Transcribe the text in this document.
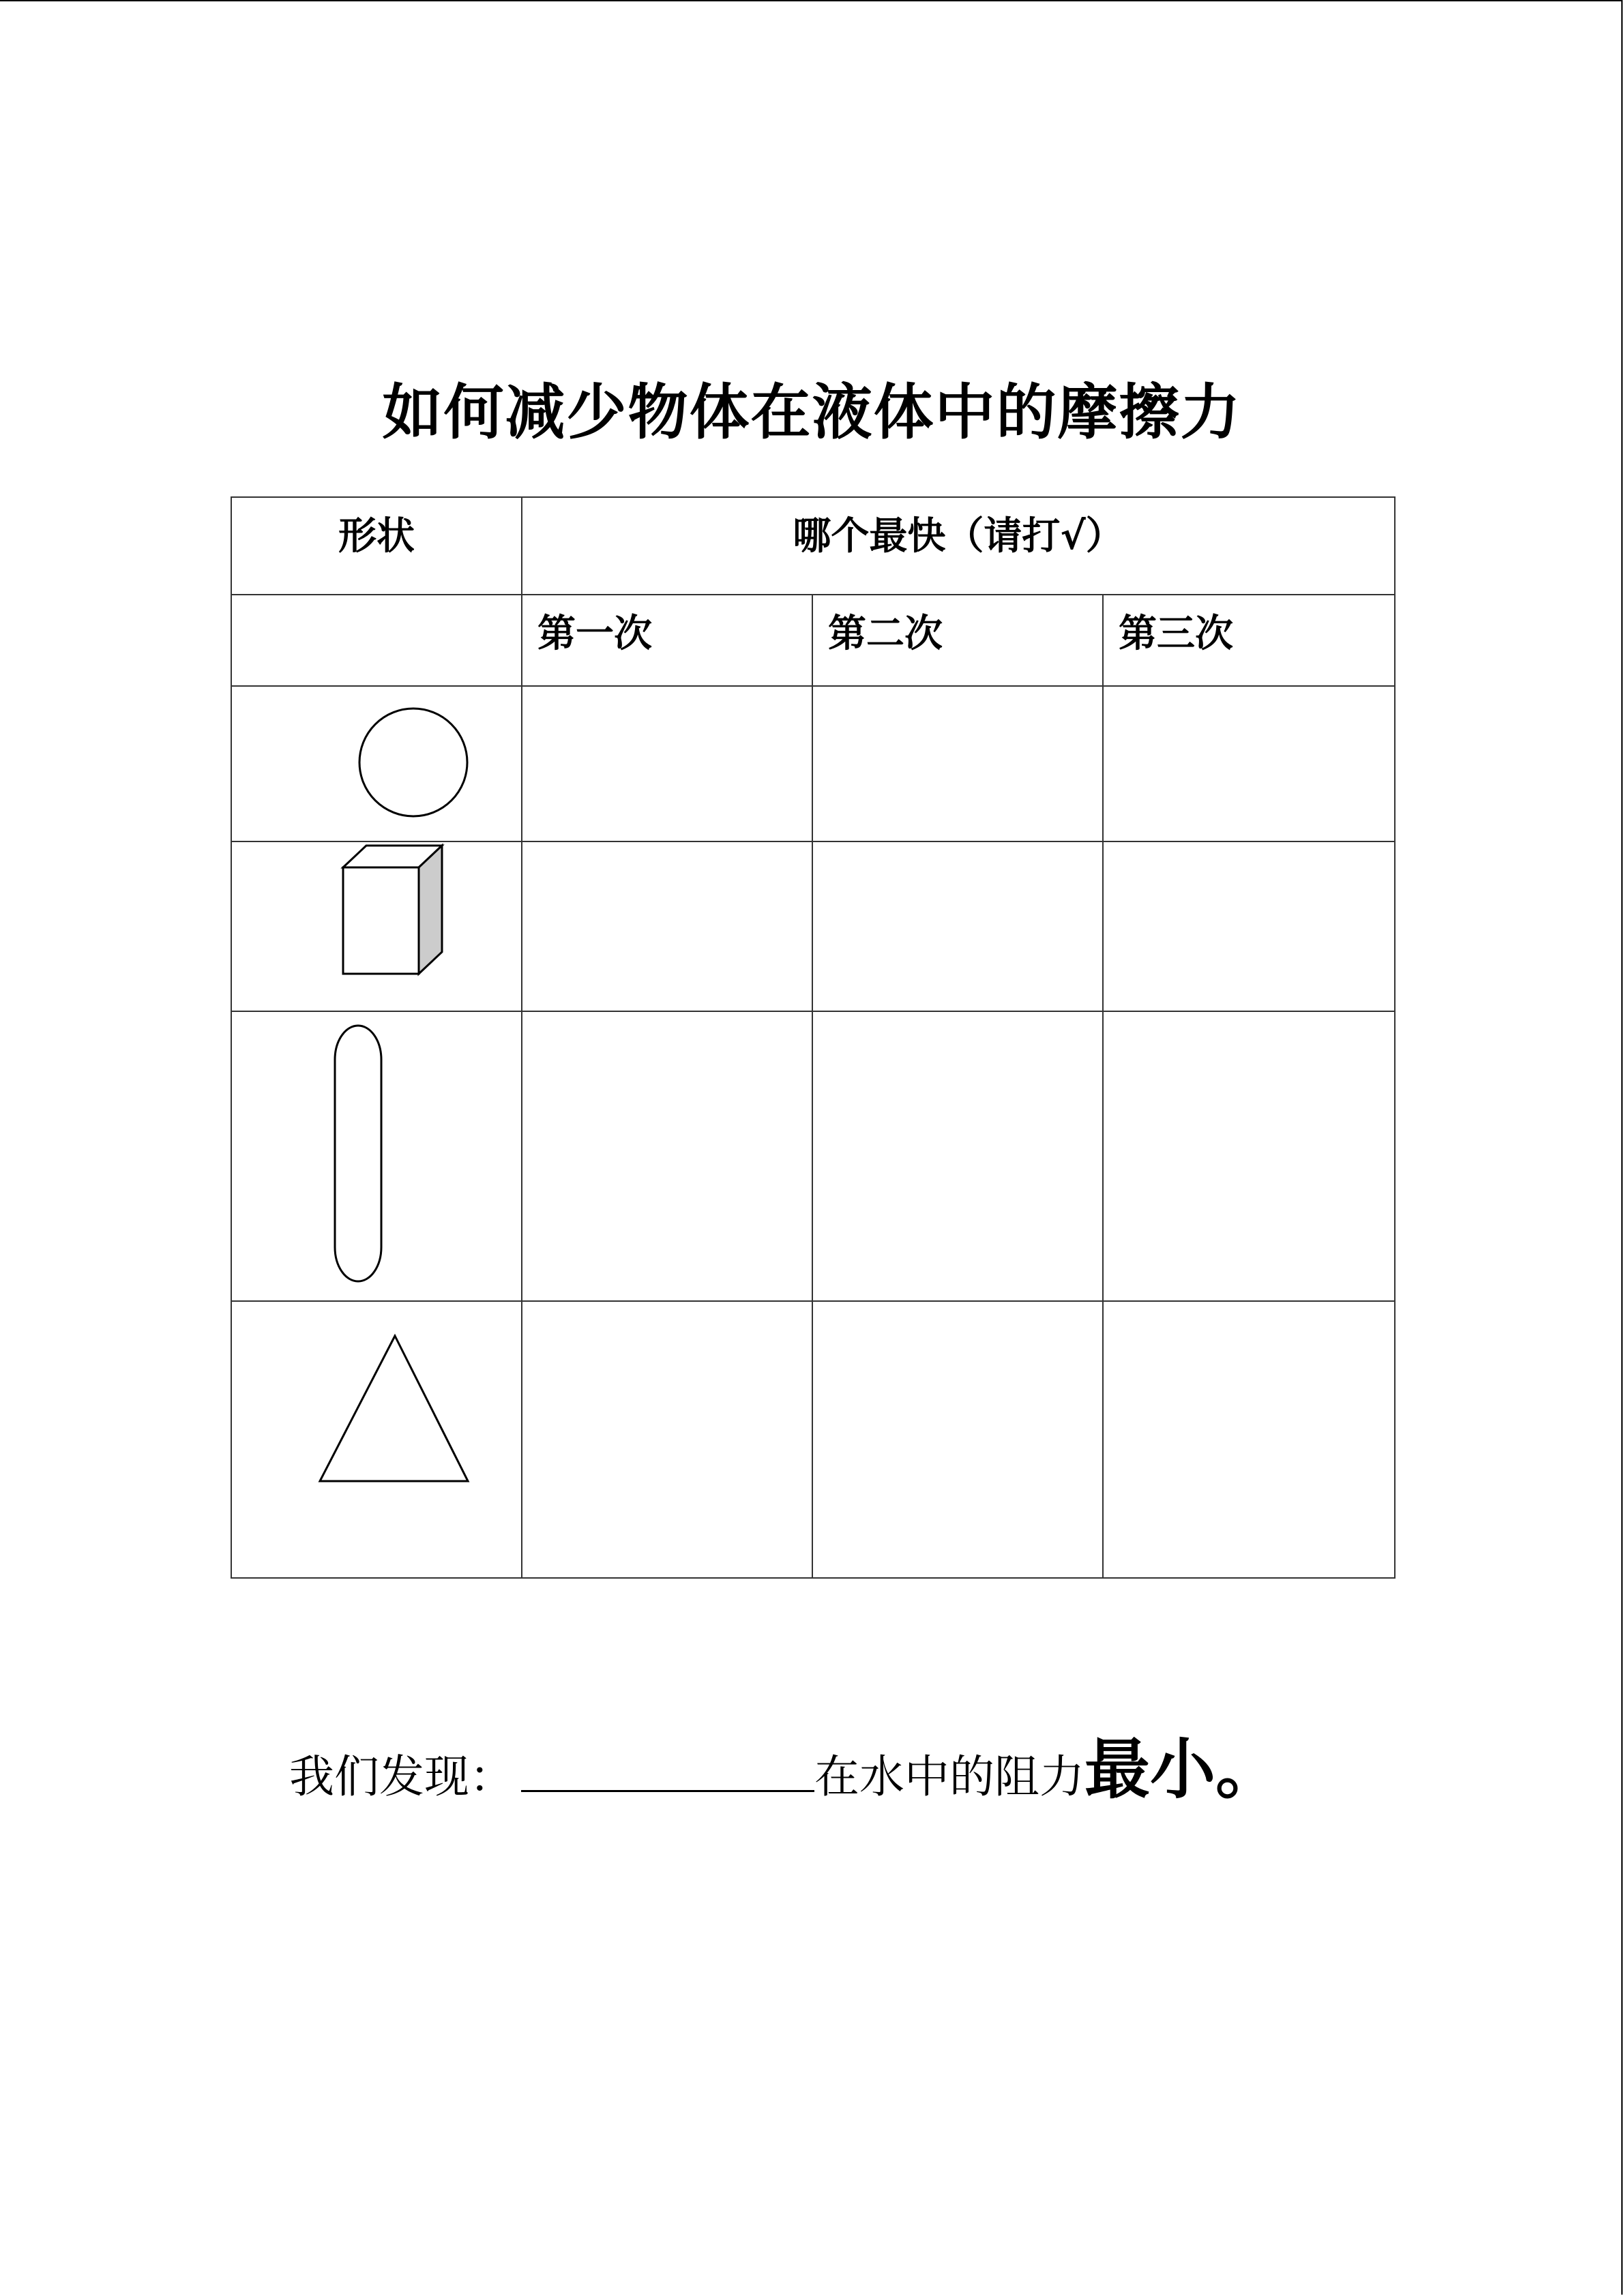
如何减少物体在液体中的摩擦力
形状	哪个最快（请打√）		
	第一次	第二次	第三次

我们发现：	在水中的阻力最小。
